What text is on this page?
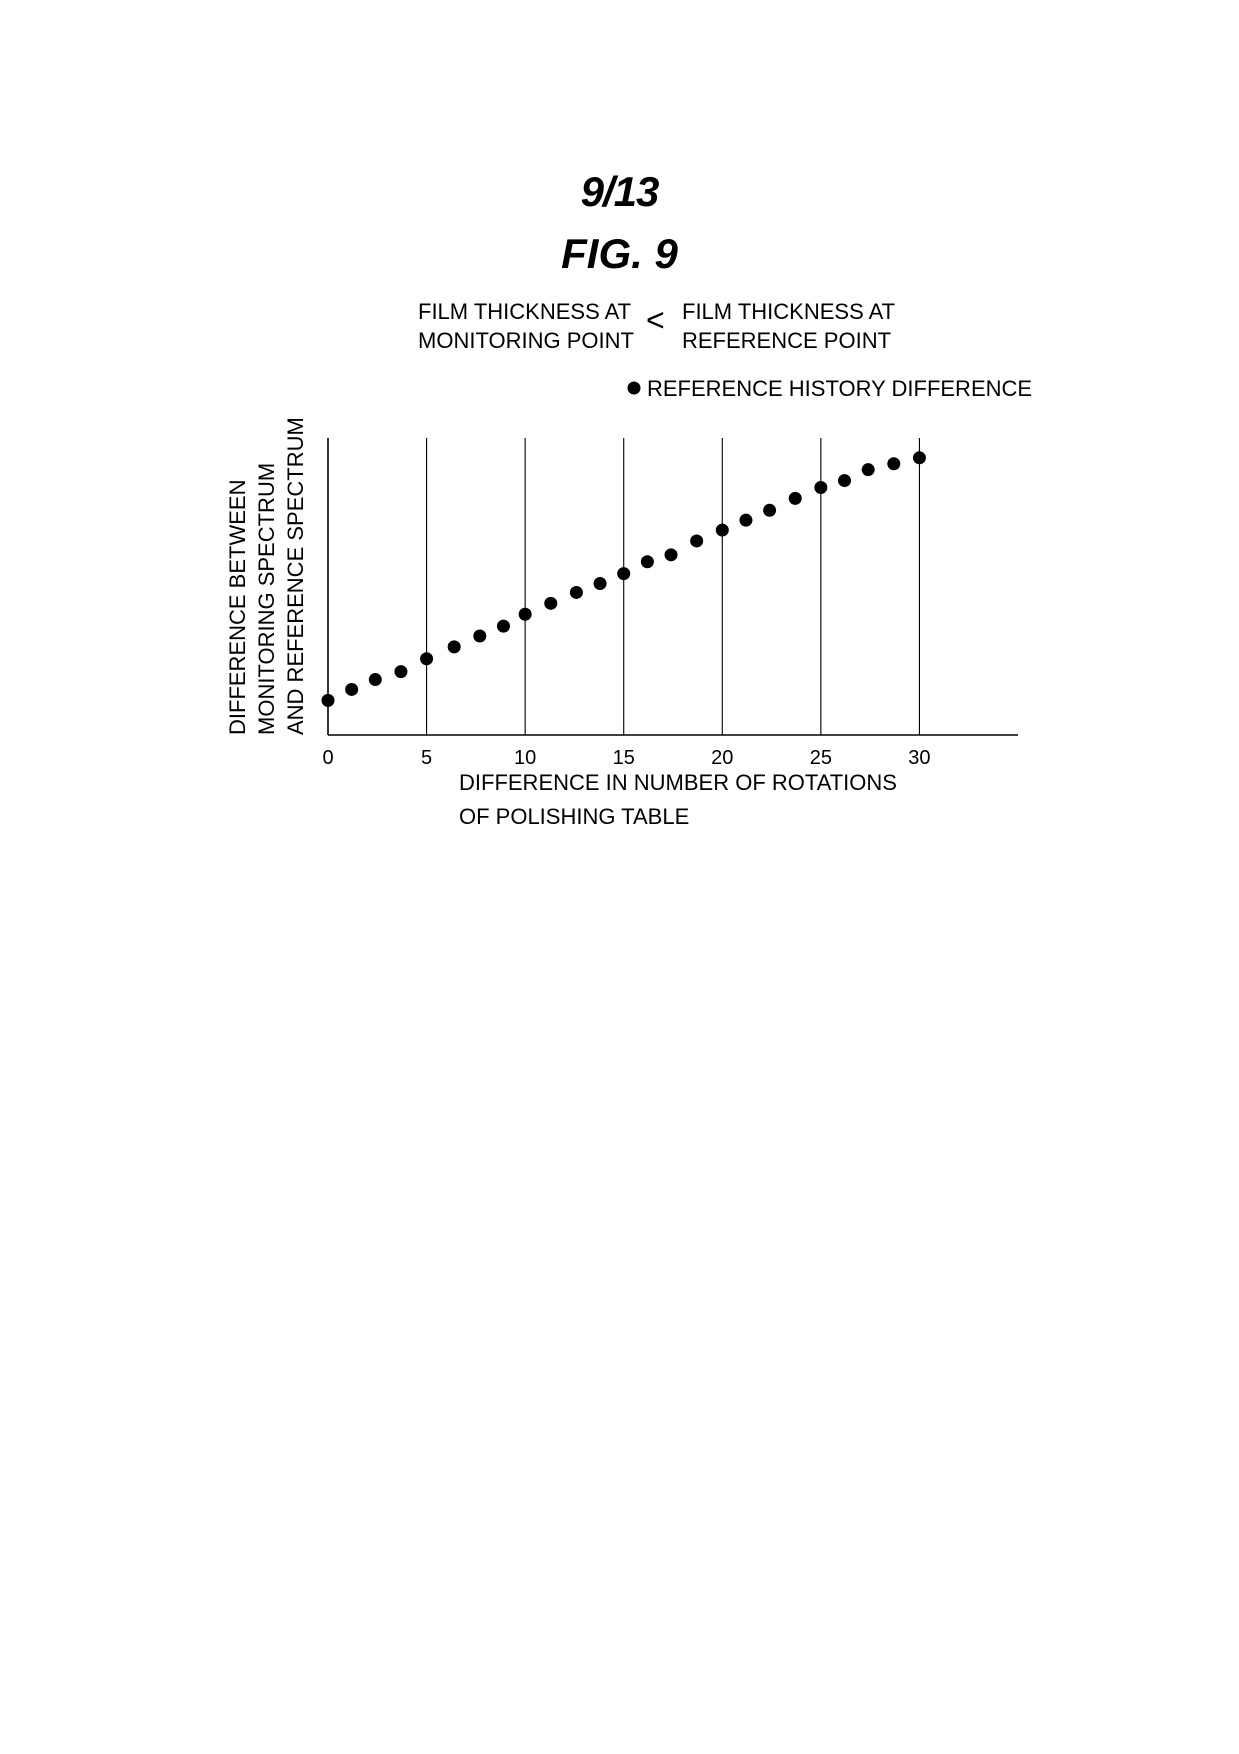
9/13
FIG. 9
FILM THICKNESS AT
MONITORING POINT
< FILM THICKNESS AT
REFERENCE POINT
REFERENCE HISTORY DIFFERENCE
0	5	10	15	20	25	30
DIFFERENCE IN NUMBER OF ROTATIONS
OF POLISHING TABLE
DIFFERENCE BETWEEN MONITORING SPECTRUM AND REFERENCE SPECTRUM
